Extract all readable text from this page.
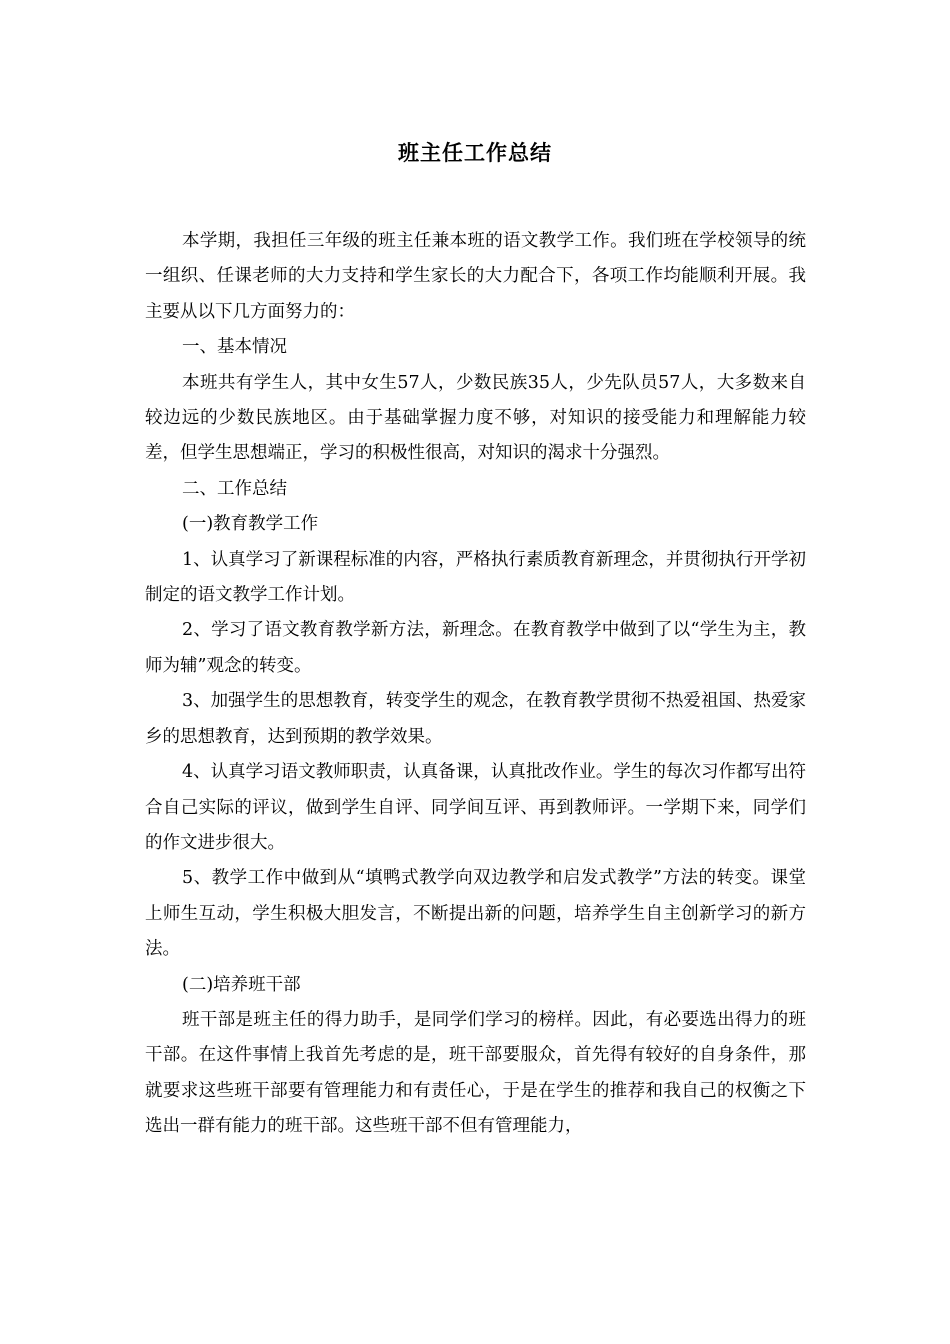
班主任工作总结

本学期，我担任三年级的班主任兼本班的语文教学工作。我们班在学校领导的统一组织、任课老师的大力支持和学生家长的大力配合下，各项工作均能顺利开展。我主要从以下几方面努力的：

一、基本情况

本班共有学生人，其中女生57人，少数民族35人，少先队员57人，大多数来自较边远的少数民族地区。由于基础掌握力度不够，对知识的接受能力和理解能力较差，但学生思想端正，学习的积极性很高，对知识的渴求十分强烈。

二、工作总结

(一)教育教学工作

1、认真学习了新课程标准的内容，严格执行素质教育新理念，并贯彻执行开学初制定的语文教学工作计划。

2、学习了语文教育教学新方法，新理念。在教育教学中做到了以“学生为主，教师为辅”观念的转变。

3、加强学生的思想教育，转变学生的观念，在教育教学贯彻不热爱祖国、热爱家乡的思想教育，达到预期的教学效果。

4、认真学习语文教师职责，认真备课，认真批改作业。学生的每次习作都写出符合自己实际的评议，做到学生自评、同学间互评、再到教师评。一学期下来，同学们的作文进步很大。

5、教学工作中做到从“填鸭式教学向双边教学和启发式教学”方法的转变。课堂上师生互动，学生积极大胆发言，不断提出新的问题，培养学生自主创新学习的新方法。

(二)培养班干部

班干部是班主任的得力助手，是同学们学习的榜样。因此，有必要选出得力的班干部。在这件事情上我首先考虑的是，班干部要服众，首先得有较好的自身条件，那就要求这些班干部要有管理能力和有责任心，于是在学生的推荐和我自己的权衡之下选出一群有能力的班干部。这些班干部不但有管理能力，
